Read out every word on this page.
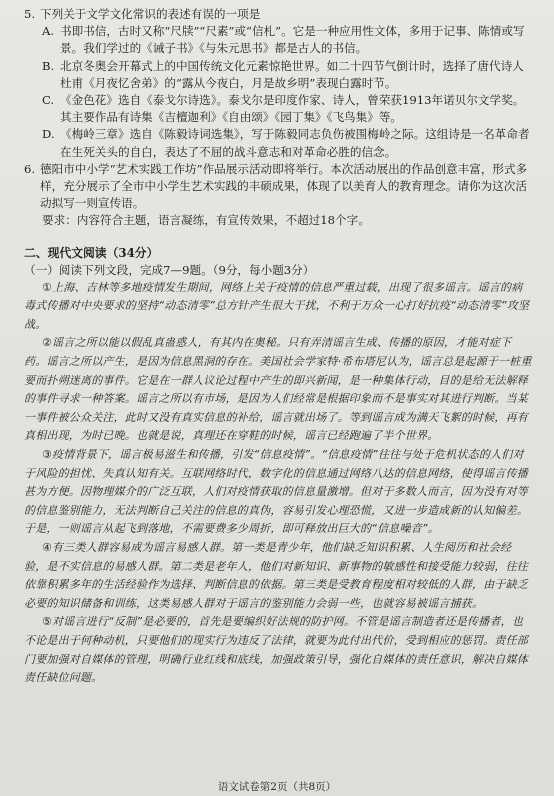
5. 下列关于文学文化常识的表述有误的一项是
A. 书即书信，古时又称“尺牍”“尺素”或“信札”。它是一种应用性文体，多用于记事、陈情或写景。我们学过的《诫子书》《与朱元思书》都是古人的书信。
B. 北京冬奥会开幕式上的中国传统文化元素惊艳世界。如二十四节气倒计时，选择了唐代诗人杜甫《月夜忆舍弟》的“露从今夜白，月是故乡明”表现白露时节。
C. 《金色花》选自《泰戈尔诗选》。泰戈尔是印度作家、诗人，曾荣获1913年诺贝尔文学奖。其主要作品有诗集《吉檀迦利》《自由颂》《园丁集》《飞鸟集》等。
D. 《梅岭三章》选自《陈毅诗词选集》，写于陈毅同志负伤被围梅岭之际。这组诗是一名革命者在生死关头的自白，表达了不屈的战斗意志和对革命必胜的信念。
6. 德阳市中小学“艺术实践工作坊”作品展示活动即将举行。本次活动展出的作品创意丰富，形式多样，充分展示了全市中小学生艺术实践的丰硕成果，体现了以美育人的教育理念。请你为这次活动拟写一则宣传语。
要求：内容符合主题，语言凝练，有宣传效果，不超过18个字。
二、现代文阅读（34分）
（一）阅读下列文段，完成7—9题。（9分，每小题3分）

①上海、吉林等多地疫情发生期间，网络上关于疫情的信息严重过载，出现了很多谣言。谣言的病毒式传播对中央要求的坚持“动态清零”总方针产生很大干扰，不利于万众一心打好抗疫“动态清零”攻坚战。

②谣言之所以能以假乱真蛊惑人，有其内在奥秘。只有弄清谣言生成、传播的原因，才能对症下药。谣言之所以产生，是因为信息黑洞的存在。美国社会学家特·希布塔尼认为，谣言总是起源于一桩重要而扑朔迷离的事件。它是在一群人议论过程中产生的即兴新闻，是一种集体行动，目的是给无法解释的事件寻求一种答案。谣言之所以有市场，是因为人们经常是根据印象而不是事实对其进行判断。当某一事件被公众关注，此时又没有真实信息的补给，谣言就出场了。等到谣言成为满天飞絮的时候，再有真相出现，为时已晚。也就是说，真理还在穿鞋的时候，谣言已经跑遍了半个世界。

③疫情背景下，谣言极易滋生和传播，引发“信息疫情”。“信息疫情”往往与处于危机状态的人们对于风险的担忧、失真认知有关。互联网络时代，数字化的信息通过网络八达的信息网络，使得谣言传播甚为方便。因物理媒介的广泛互联，人们对疫情获取的信息量激增。但对于多数人而言，因为没有对等的信息鉴别能力，无法判断自己关注的信息的真伪，容易引发心理恐慌，又进一步造成新的认知偏差。于是，一则谣言从起飞到落地，不需要费多少周折，即可释放出巨大的“信息噪音”。

④有三类人群容易成为谣言易感人群。第一类是青少年，他们缺乏知识积累、人生阅历和社会经验，是不实信息的易感人群。第二类是老年人，他们对新知识、新事物的敏感性和接受能力较弱，往往依靠积累多年的生活经验作为选择、判断信息的依据。第三类是受教育程度相对较低的人群，由于缺乏必要的知识储备和训练，这类易感人群对于谣言的鉴别能力会弱一些，也就容易被谣言捕获。

⑤对谣言进行“反制”是必要的，首先是要编织好法规的防护网。不管是谣言制造者还是传播者，也不论是出于何种动机，只要他们的现实行为违反了法律，就要为此付出代价，受到相应的惩罚。责任部门要加强对自媒体的管理，明确行业红线和底线，加强政策引导，强化自媒体的责任意识，解决自媒体责任缺位问题。

语文试卷第2页（共8页）
